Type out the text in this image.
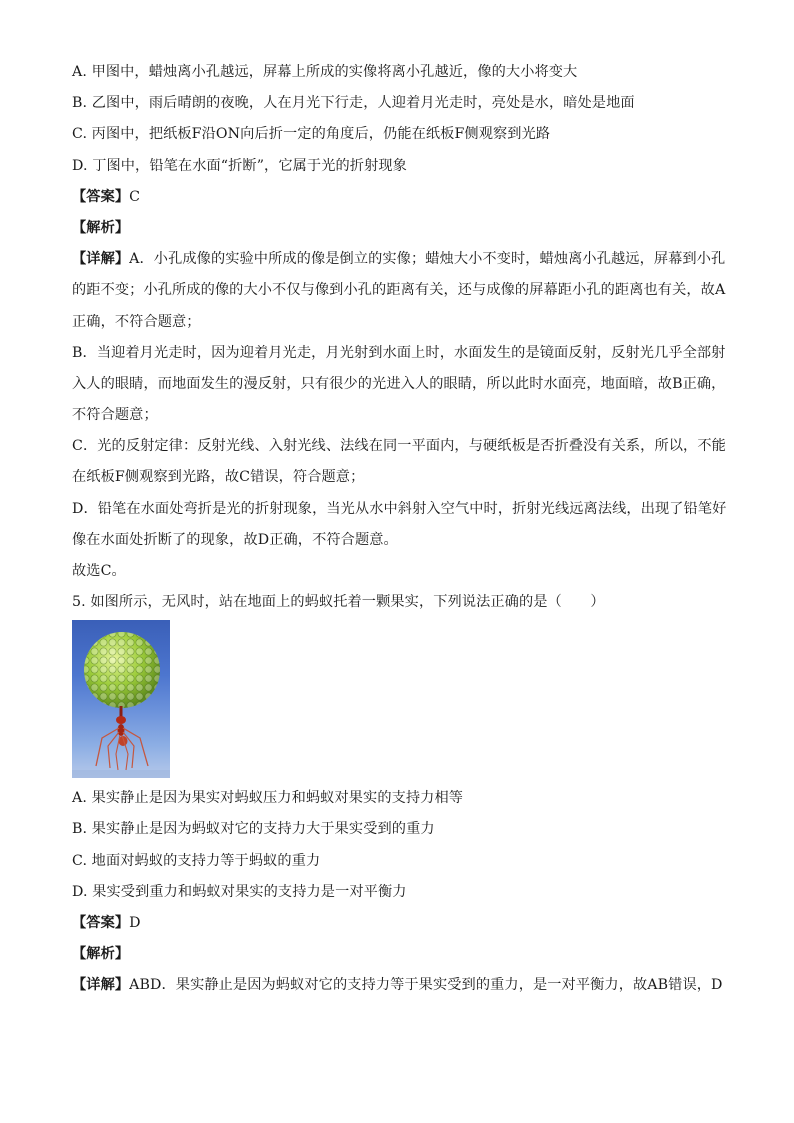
A. 甲图中，蜡烛离小孔越远，屏幕上所成的实像将离小孔越近，像的大小将变大

B. 乙图中，雨后晴朗的夜晚，人在月光下行走，人迎着月光走时，亮处是水，暗处是地面

C. 丙图中，把纸板F沿ON向后折一定的角度后，仍能在纸板F侧观察到光路

D. 丁图中，铅笔在水面“折断”，它属于光的折射现象

【答案】C

【解析】

【详解】A．小孔成像的实验中所成的像是倒立的实像；蜡烛大小不变时，蜡烛离小孔越远，屏幕到小孔

的距不变；小孔所成的像的大小不仅与像到小孔的距离有关，还与成像的屏幕距小孔的距离也有关，故A

正确，不符合题意；

B．当迎着月光走时，因为迎着月光走，月光射到水面上时，水面发生的是镜面反射，反射光几乎全部射

入人的眼睛，而地面发生的漫反射，只有很少的光进入人的眼睛，所以此时水面亮，地面暗，故B正确，

不符合题意；

C．光的反射定律：反射光线、入射光线、法线在同一平面内，与硬纸板是否折叠没有关系，所以，不能

在纸板F侧观察到光路，故C错误，符合题意；

D．铅笔在水面处弯折是光的折射现象，当光从水中斜射入空气中时，折射光线远离法线，出现了铅笔好

像在水面处折断了的现象，故D正确，不符合题意。

故选C。

5. 如图所示，无风时，站在地面上的蚂蚁托着一颗果实，下列说法正确的是（　　）

A. 果实静止是因为果实对蚂蚁压力和蚂蚁对果实的支持力相等

B. 果实静止是因为蚂蚁对它的支持力大于果实受到的重力

C. 地面对蚂蚁的支持力等于蚂蚁的重力

D. 果实受到重力和蚂蚁对果实的支持力是一对平衡力

【答案】D

【解析】

【详解】ABD．果实静止是因为蚂蚁对它的支持力等于果实受到的重力，是一对平衡力，故AB错误，D
